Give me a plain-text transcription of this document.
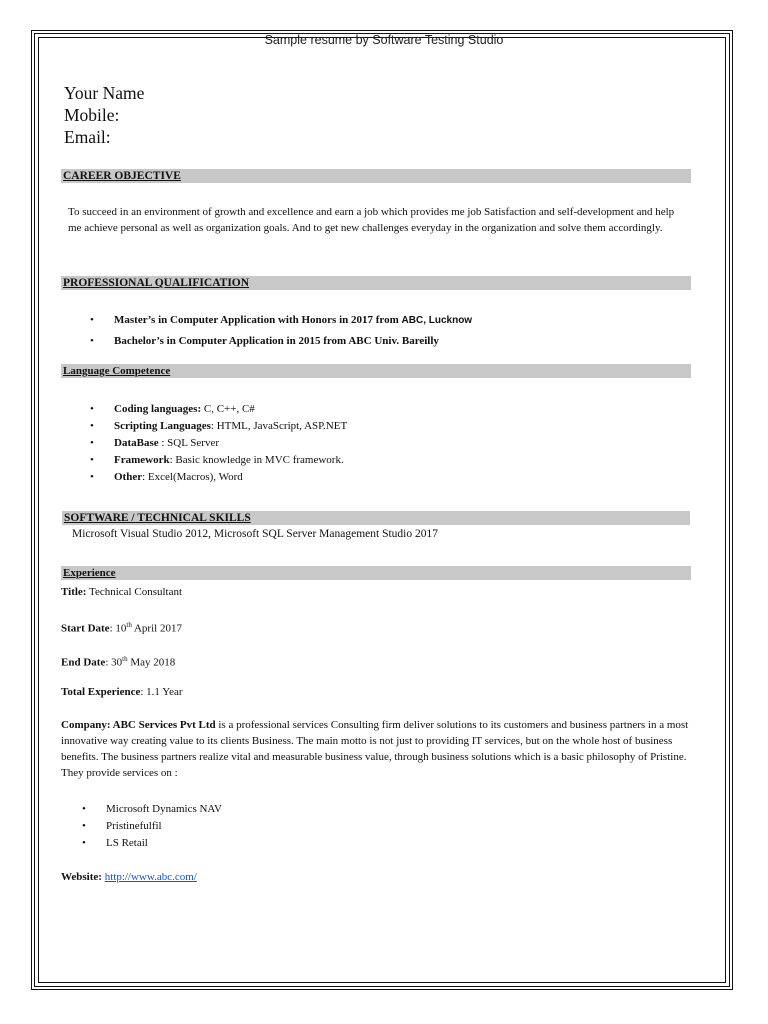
Sample resume by Software Testing Studio
Your Name
Mobile:
Email:
CAREER OBJECTIVE
To succeed in an environment of growth and excellence and earn a job which provides me job Satisfaction and self-development and help me achieve personal as well as organization goals. And to get new challenges everyday in the organization and solve them accordingly.
PROFESSIONAL QUALIFICATION
• Master’s in Computer Application with Honors in 2017 from ABC, Lucknow
• Bachelor’s in Computer Application in 2015 from ABC Univ. Bareilly
Language Competence
• Coding languages: C, C++, C#
• Scripting Languages: HTML, JavaScript, ASP.NET
• DataBase : SQL Server
• Framework: Basic knowledge in MVC framework.
• Other: Excel(Macros), Word
SOFTWARE / TECHNICAL SKILLS
Microsoft Visual Studio 2012, Microsoft SQL Server Management Studio 2017
Experience
Title: Technical Consultant
Start Date: 10th April 2017
End Date: 30th May 2018
Total Experience: 1.1 Year
Company: ABC Services Pvt Ltd is a professional services Consulting firm deliver solutions to its customers and business partners in a most innovative way creating value to its clients Business. The main motto is not just to providing IT services, but on the whole host of business benefits. The business partners realize vital and measurable business value, through business solutions which is a basic philosophy of Pristine. They provide services on :
• Microsoft Dynamics NAV
• Pristinefulfil
• LS Retail
Website: http://www.abc.com/
